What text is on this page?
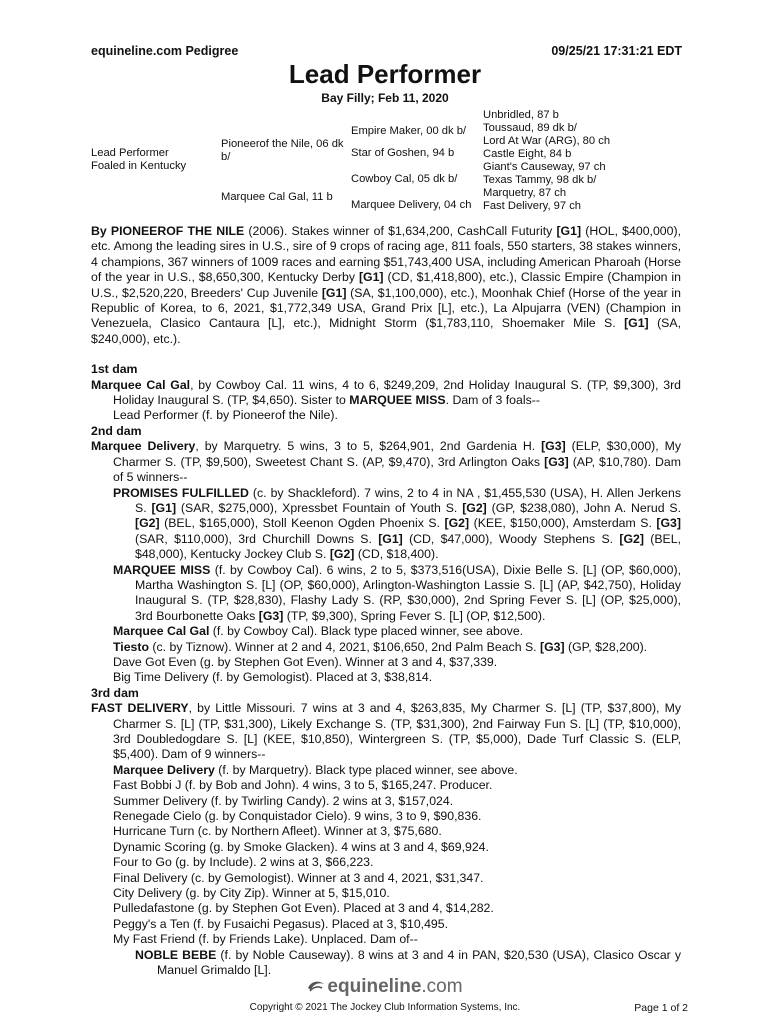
equineline.com Pedigree	09/25/21 17:31:21 EDT
Lead Performer
Bay Filly; Feb 11, 2020
Lead Performer
Foaled in Kentucky
Pioneerof the Nile, 06 dk
b/
Marquee Cal Gal, 11 b
Empire Maker, 00 dk b/
Star of Goshen, 94 b
Cowboy Cal, 05 dk b/
Marquee Delivery, 04 ch
Unbridled, 87 b
Toussaud, 89 dk b/
Lord At War (ARG), 80 ch
Castle Eight, 84 b
Giant's Causeway, 97 ch
Texas Tammy, 98 dk b/
Marquetry, 87 ch
Fast Delivery, 97 ch

By PIONEEROF THE NILE (2006). Stakes winner of $1,634,200, CashCall Futurity [G1] (HOL, $400,000), etc. Among the leading sires in U.S., sire of 9 crops of racing age, 811 foals, 550 starters, 38 stakes winners, 4 champions, 367 winners of 1009 races and earning $51,743,400 USA, including American Pharoah (Horse of the year in U.S., $8,650,300, Kentucky Derby [G1] (CD, $1,418,800), etc.), Classic Empire (Champion in U.S., $2,520,220, Breeders' Cup Juvenile [G1] (SA, $1,100,000), etc.), Moonhak Chief (Horse of the year in Republic of Korea, to 6, 2021, $1,772,349 USA, Grand Prix [L], etc.), La Alpujarra (VEN) (Champion in Venezuela, Clasico Cantaura [L], etc.), Midnight Storm ($1,783,110, Shoemaker Mile S. [G1] (SA, $240,000), etc.).

1st dam

Marquee Cal Gal, by Cowboy Cal. 11 wins, 4 to 6, $249,209, 2nd Holiday Inaugural S. (TP, $9,300), 3rd Holiday Inaugural S. (TP, $4,650). Sister to MARQUEE MISS. Dam of 3 foals--

Lead Performer (f. by Pioneerof the Nile).

2nd dam

Marquee Delivery, by Marquetry. 5 wins, 3 to 5, $264,901, 2nd Gardenia H. [G3] (ELP, $30,000), My Charmer S. (TP, $9,500), Sweetest Chant S. (AP, $9,470), 3rd Arlington Oaks [G3] (AP, $10,780). Dam of 5 winners--

PROMISES FULFILLED (c. by Shackleford). 7 wins, 2 to 4 in NA , $1,455,530 (USA), H. Allen Jerkens S. [G1] (SAR, $275,000), Xpressbet Fountain of Youth S. [G2] (GP, $238,080), John A. Nerud S. [G2] (BEL, $165,000), Stoll Keenon Ogden Phoenix S. [G2] (KEE, $150,000), Amsterdam S. [G3] (SAR, $110,000), 3rd Churchill Downs S. [G1] (CD, $47,000), Woody Stephens S. [G2] (BEL, $48,000), Kentucky Jockey Club S. [G2] (CD, $18,400).

MARQUEE MISS (f. by Cowboy Cal). 6 wins, 2 to 5, $373,516(USA), Dixie Belle S. [L] (OP, $60,000), Martha Washington S. [L] (OP, $60,000), Arlington-Washington Lassie S. [L] (AP, $42,750), Holiday Inaugural S. (TP, $28,830), Flashy Lady S. (RP, $30,000), 2nd Spring Fever S. [L] (OP, $25,000), 3rd Bourbonette Oaks [G3] (TP, $9,300), Spring Fever S. [L] (OP, $12,500).

Marquee Cal Gal (f. by Cowboy Cal). Black type placed winner, see above.

Tiesto (c. by Tiznow). Winner at 2 and 4, 2021, $106,650, 2nd Palm Beach S. [G3] (GP, $28,200).

Dave Got Even (g. by Stephen Got Even). Winner at 3 and 4, $37,339.

Big Time Delivery (f. by Gemologist). Placed at 3, $38,814.

3rd dam

FAST DELIVERY, by Little Missouri. 7 wins at 3 and 4, $263,835, My Charmer S. [L] (TP, $37,800), My Charmer S. [L] (TP, $31,300), Likely Exchange S. (TP, $31,300), 2nd Fairway Fun S. [L] (TP, $10,000), 3rd Doubledogdare S. [L] (KEE, $10,850), Wintergreen S. (TP, $5,000), Dade Turf Classic S. (ELP, $5,400). Dam of 9 winners--

Marquee Delivery (f. by Marquetry). Black type placed winner, see above.

Fast Bobbi J (f. by Bob and John). 4 wins, 3 to 5, $165,247. Producer.

Summer Delivery (f. by Twirling Candy). 2 wins at 3, $157,024.

Renegade Cielo (g. by Conquistador Cielo). 9 wins, 3 to 9, $90,836.

Hurricane Turn (c. by Northern Afleet). Winner at 3, $75,680.

Dynamic Scoring (g. by Smoke Glacken). 4 wins at 3 and 4, $69,924.

Four to Go (g. by Include). 2 wins at 3, $66,223.

Final Delivery (c. by Gemologist). Winner at 3 and 4, 2021, $31,347.

City Delivery (g. by City Zip). Winner at 5, $15,010.

Pulledafastone (g. by Stephen Got Even). Placed at 3 and 4, $14,282.

Peggy's a Ten (f. by Fusaichi Pegasus). Placed at 3, $10,495.

My Fast Friend (f. by Friends Lake). Unplaced. Dam of--

NOBLE BEBE (f. by Noble Causeway). 8 wins at 3 and 4 in PAN, $20,530 (USA), Clasico Oscar y Manuel Grimaldo [L].

equineline.com
Copyright © 2021 The Jockey Club Information Systems, Inc.	Page 1 of 2
